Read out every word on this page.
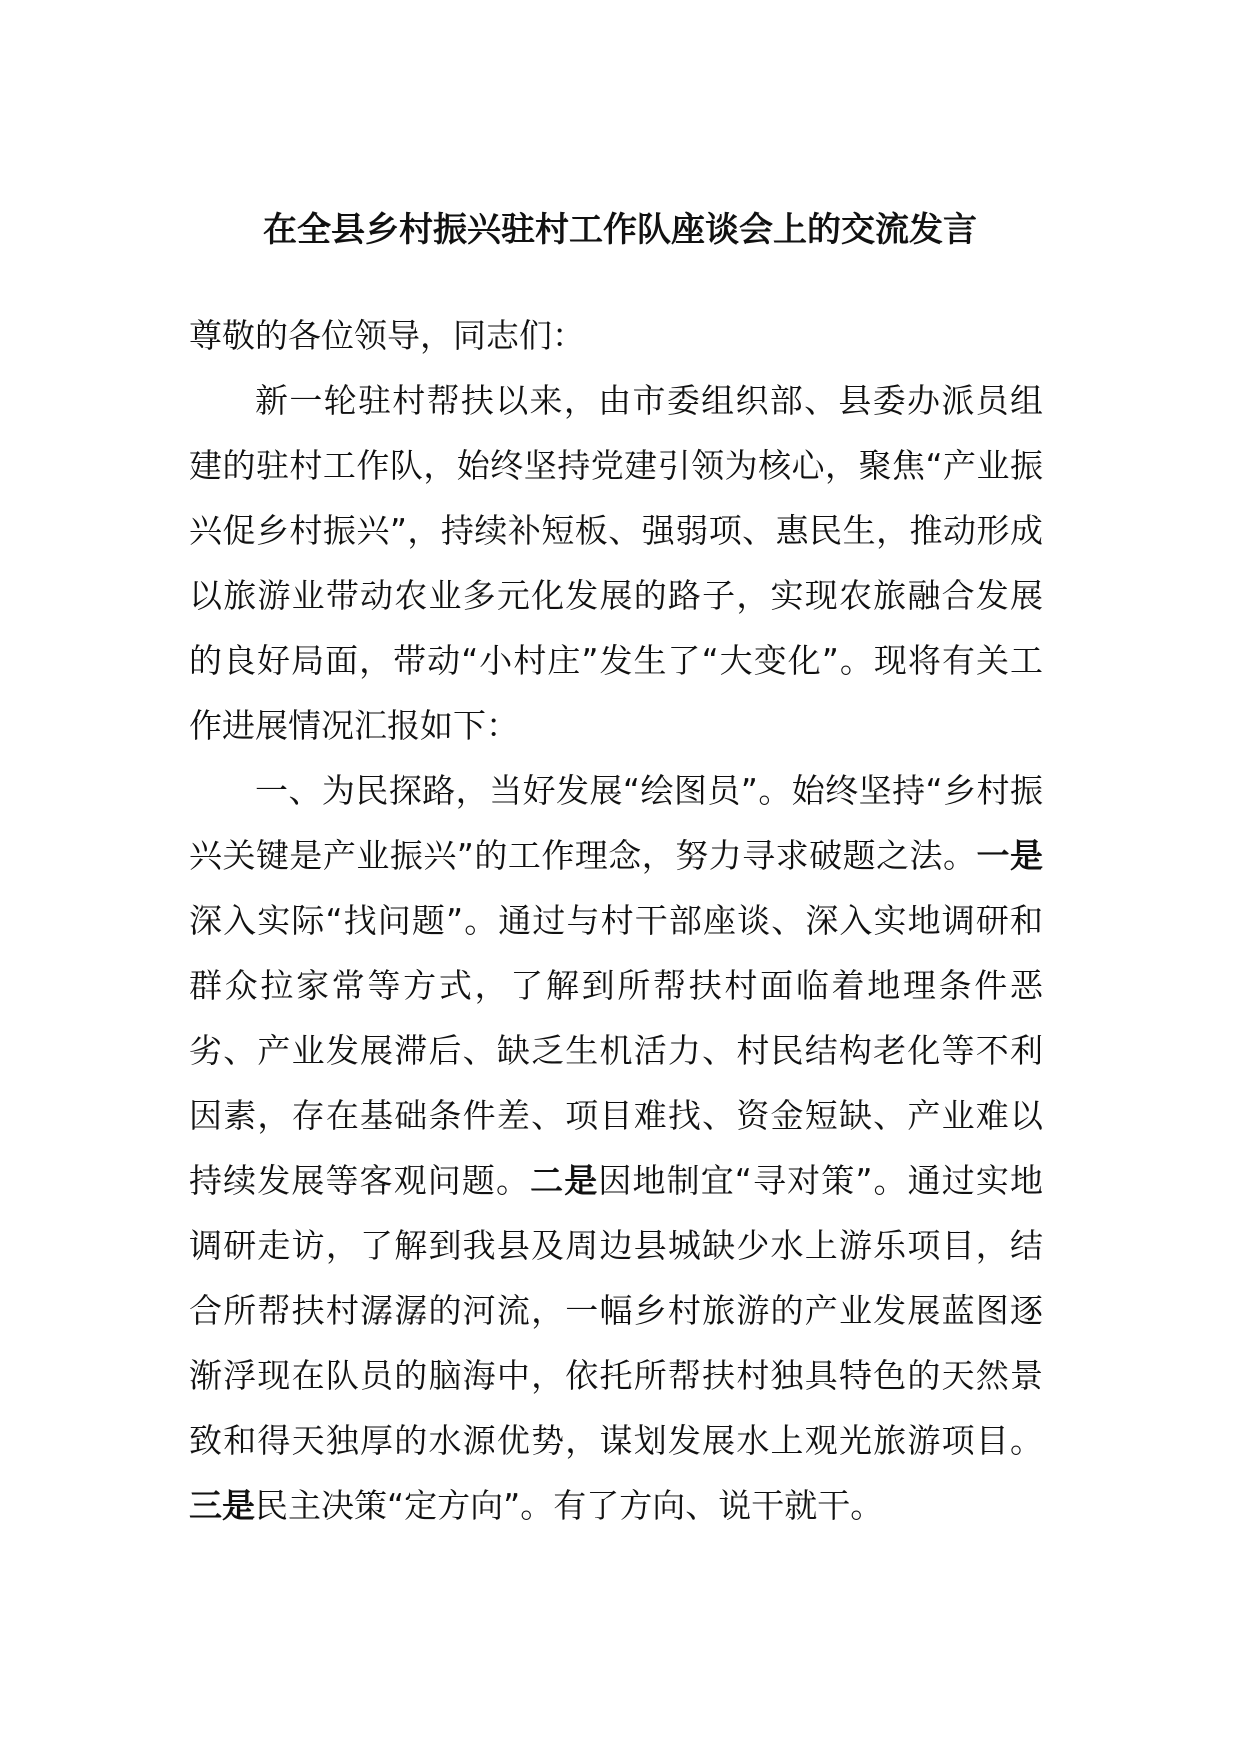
在全县乡村振兴驻村工作队座谈会上的交流发言

尊敬的各位领导，同志们：

新一轮驻村帮扶以来，由市委组织部、县委办派员组建的驻村工作队，始终坚持党建引领为核心，聚焦“产业振兴促乡村振兴”，持续补短板、强弱项、惠民生，推动形成以旅游业带动农业多元化发展的路子，实现农旅融合发展的良好局面，带动“小村庄”发生了“大变化”。现将有关工作进展情况汇报如下：

一、为民探路，当好发展“绘图员”。始终坚持“乡村振兴关键是产业振兴”的工作理念，努力寻求破题之法。一是深入实际“找问题”。通过与村干部座谈、深入实地调研和群众拉家常等方式，了解到所帮扶村面临着地理条件恶劣、产业发展滞后、缺乏生机活力、村民结构老化等不利因素，存在基础条件差、项目难找、资金短缺、产业难以持续发展等客观问题。二是因地制宜“寻对策”。通过实地调研走访，了解到我县及周边县城缺少水上游乐项目，结合所帮扶村潺潺的河流，一幅乡村旅游的产业发展蓝图逐渐浮现在队员的脑海中，依托所帮扶村独具特色的天然景致和得天独厚的水源优势，谋划发展水上观光旅游项目。三是民主决策“定方向”。有了方向、说干就干。
